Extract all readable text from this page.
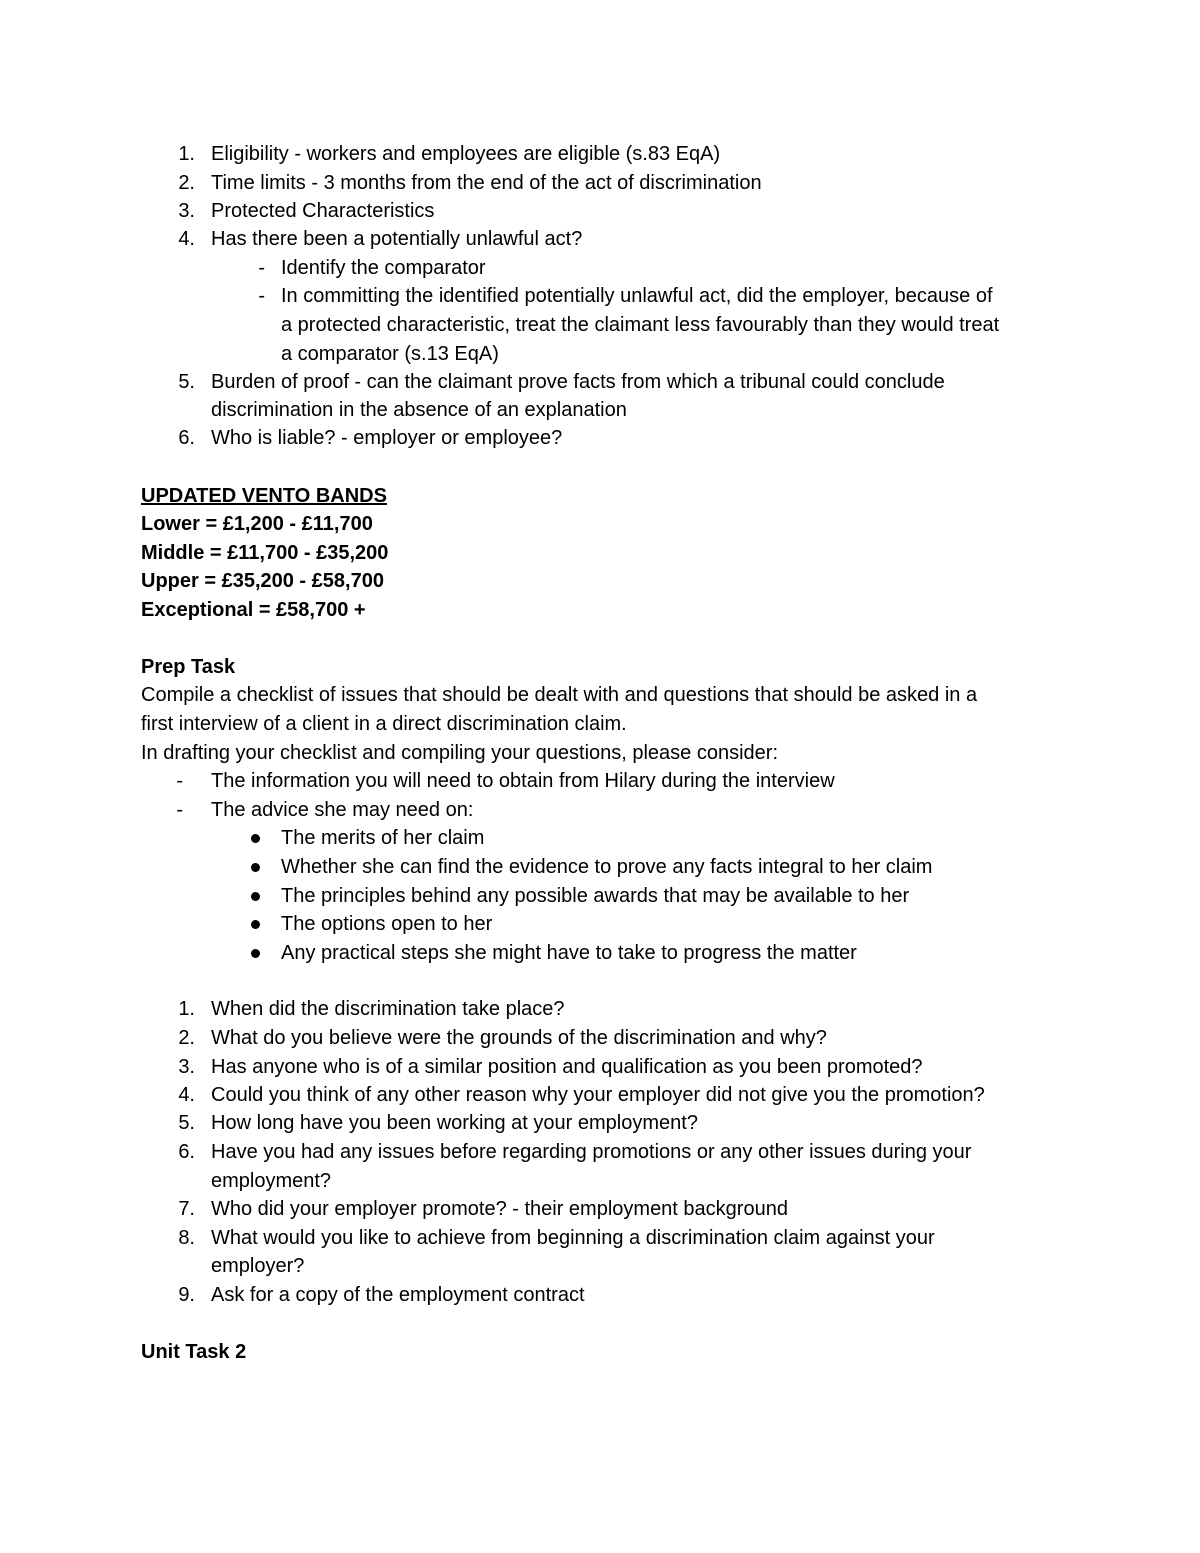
1. Eligibility - workers and employees are eligible (s.83 EqA)
2. Time limits - 3 months from the end of the act of discrimination
3. Protected Characteristics
4. Has there been a potentially unlawful act?
- Identify the comparator
- In committing the identified potentially unlawful act, did the employer, because of
a protected characteristic, treat the claimant less favourably than they would treat
a comparator (s.13 EqA)
5. Burden of proof - can the claimant prove facts from which a tribunal could conclude
discrimination in the absence of an explanation
6. Who is liable? - employer or employee?
UPDATED VENTO BANDS
Lower = £1,200 - £11,700
Middle = £11,700 - £35,200
Upper = £35,200 - £58,700
Exceptional = £58,700 +
Prep Task
Compile a checklist of issues that should be dealt with and questions that should be asked in a
first interview of a client in a direct discrimination claim.
In drafting your checklist and compiling your questions, please consider:
- The information you will need to obtain from Hilary during the interview
- The advice she may need on:
The merits of her claim
Whether she can find the evidence to prove any facts integral to her claim
The principles behind any possible awards that may be available to her
The options open to her
Any practical steps she might have to take to progress the matter
1. When did the discrimination take place?
2. What do you believe were the grounds of the discrimination and why?
3. Has anyone who is of a similar position and qualification as you been promoted?
4. Could you think of any other reason why your employer did not give you the promotion?
5. How long have you been working at your employment?
6. Have you had any issues before regarding promotions or any other issues during your
employment?
7. Who did your employer promote? - their employment background
8. What would you like to achieve from beginning a discrimination claim against your
employer?
9. Ask for a copy of the employment contract
Unit Task 2
